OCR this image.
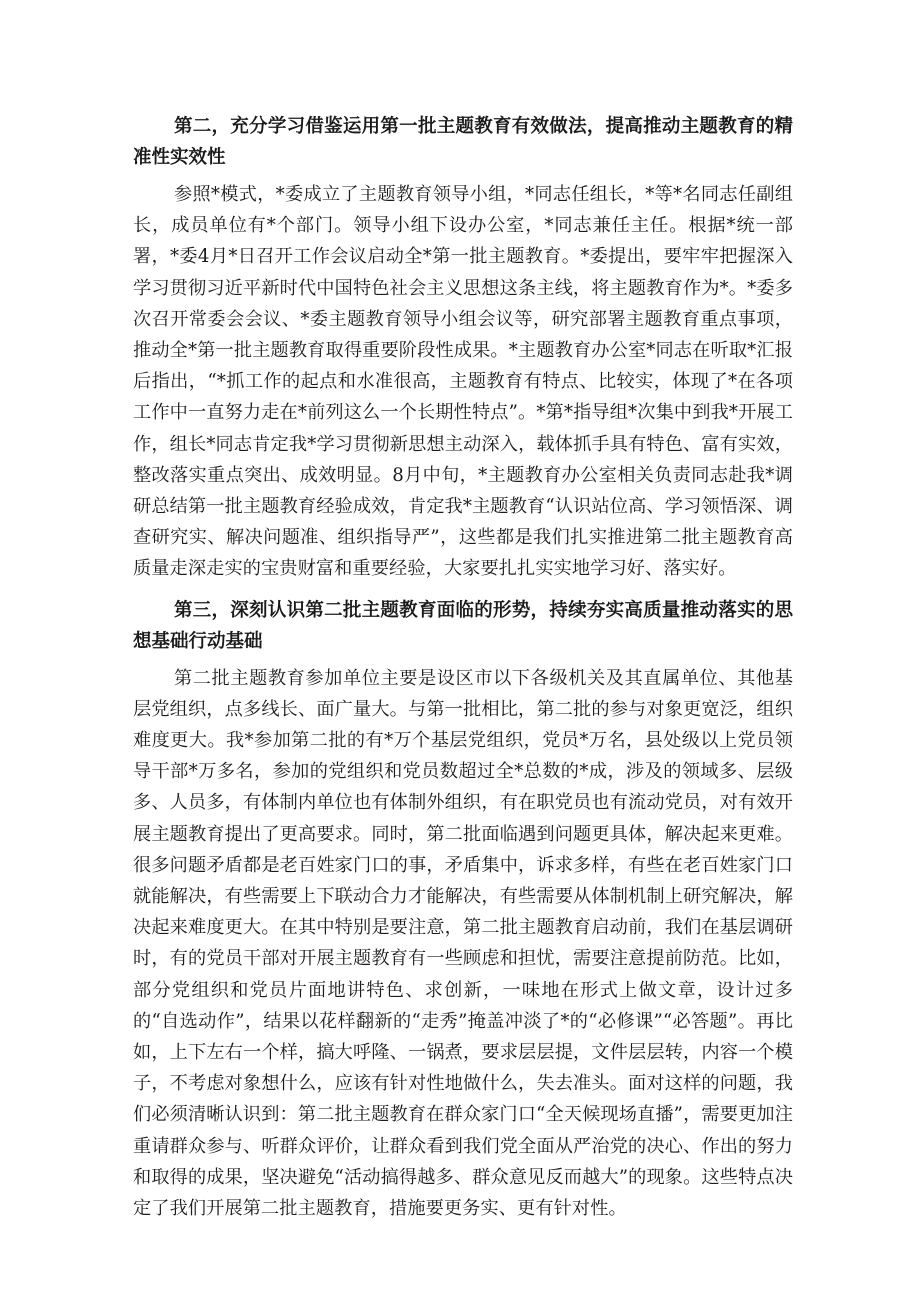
第二，充分学习借鉴运用第一批主题教育有效做法，提高推动主题教育的精准性实效性

参照*模式，*委成立了主题教育领导小组，*同志任组长，*等*名同志任副组长，成员单位有*个部门。领导小组下设办公室，*同志兼任主任。根据*统一部署，*委4月*日召开工作会议启动全*第一批主题教育。*委提出，要牢牢把握深入学习贯彻习近平新时代中国特色社会主义思想这条主线，将主题教育作为*。*委多次召开常委会会议、*委主题教育领导小组会议等，研究部署主题教育重点事项，推动全*第一批主题教育取得重要阶段性成果。*主题教育办公室*同志在听取*汇报后指出，“*抓工作的起点和水准很高，主题教育有特点、比较实，体现了*在各项工作中一直努力走在*前列这么一个长期性特点”。*第*指导组*次集中到我*开展工作，组长*同志肯定我*学习贯彻新思想主动深入，载体抓手具有特色、富有实效，整改落实重点突出、成效明显。8月中旬，*主题教育办公室相关负责同志赴我*调研总结第一批主题教育经验成效，肯定我*主题教育“认识站位高、学习领悟深、调查研究实、解决问题准、组织指导严”，这些都是我们扎实推进第二批主题教育高质量走深走实的宝贵财富和重要经验，大家要扎扎实实地学习好、落实好。

第三，深刻认识第二批主题教育面临的形势，持续夯实高质量推动落实的思想基础行动基础

第二批主题教育参加单位主要是设区市以下各级机关及其直属单位、其他基层党组织，点多线长、面广量大。与第一批相比，第二批的参与对象更宽泛，组织难度更大。我*参加第二批的有*万个基层党组织，党员*万名，县处级以上党员领导干部*万多名，参加的党组织和党员数超过全*总数的*成，涉及的领域多、层级多、人员多，有体制内单位也有体制外组织，有在职党员也有流动党员，对有效开展主题教育提出了更高要求。同时，第二批面临遇到问题更具体，解决起来更难。很多问题矛盾都是老百姓家门口的事，矛盾集中，诉求多样，有些在老百姓家门口就能解决，有些需要上下联动合力才能解决，有些需要从体制机制上研究解决，解决起来难度更大。在其中特别是要注意，第二批主题教育启动前，我们在基层调研时，有的党员干部对开展主题教育有一些顾虑和担忧，需要注意提前防范。比如，部分党组织和党员片面地讲特色、求创新，一味地在形式上做文章，设计过多的“自选动作”，结果以花样翻新的“走秀”掩盖冲淡了*的“必修课”“必答题”。再比如，上下左右一个样，搞大呼隆、一锅煮，要求层层提，文件层层转，内容一个模子，不考虑对象想什么，应该有针对性地做什么，失去准头。面对这样的问题，我们必须清晰认识到：第二批主题教育在群众家门口“全天候现场直播”，需要更加注重请群众参与、听群众评价，让群众看到我们党全面从严治党的决心、作出的努力和取得的成果，坚决避免“活动搞得越多、群众意见反而越大”的现象。这些特点决定了我们开展第二批主题教育，措施要更务实、更有针对性。
